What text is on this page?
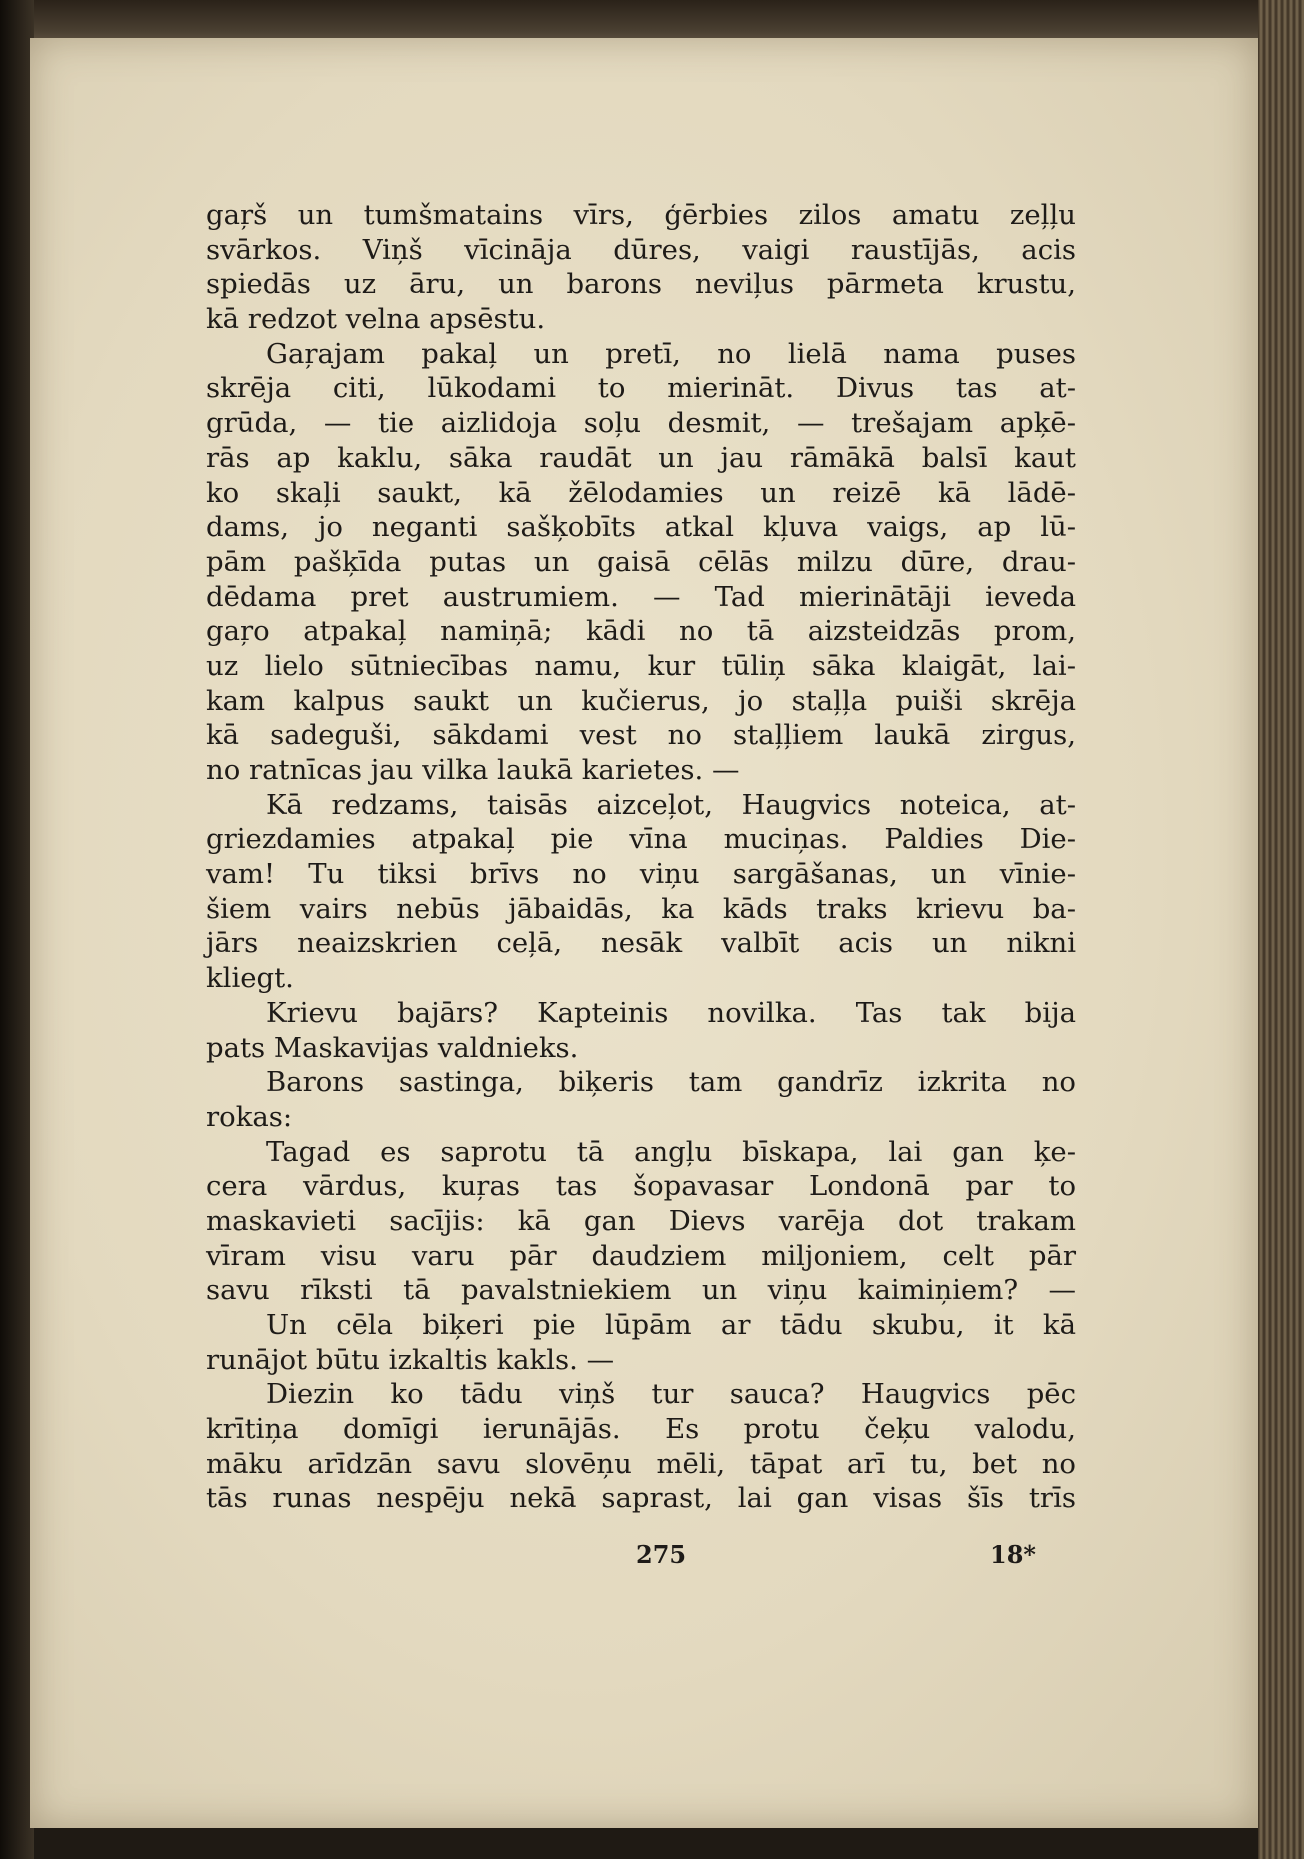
gaŗš un tumšmatains vīrs, ģērbies zilos amatu zeļļu
svārkos. Viņš vīcināja dūres, vaigi raustījās, acis
spiedās uz āru, un barons neviļus pārmeta krustu,
kā redzot velna apsēstu.
Gaŗajam pakaļ un pretī, no lielā nama puses
skrēja citi, lūkodami to mierināt. Divus tas at-
grūda, — tie aizlidoja soļu desmit, — trešajam apķē-
rās ap kaklu, sāka raudāt un jau rāmākā balsī kaut
ko skaļi saukt, kā žēlodamies un reizē kā lādē-
dams, jo neganti sašķobīts atkal kļuva vaigs, ap lū-
pām pašķīda putas un gaisā cēlās milzu dūre, drau-
dēdama pret austrumiem. — Tad mierinātāji ieveda
gaŗo atpakaļ namiņā; kādi no tā aizsteidzās prom,
uz lielo sūtniecības namu, kur tūliņ sāka klaigāt, lai-
kam kalpus saukt un kučierus, jo staļļa puiši skrēja
kā sadeguši, sākdami vest no staļļiem laukā zirgus,
no ratnīcas jau vilka laukā karietes. —
Kā redzams, taisās aizceļot, Haugvics noteica, at-
griezdamies atpakaļ pie vīna muciņas. Paldies Die-
vam! Tu tiksi brīvs no viņu sargāšanas, un vīnie-
šiem vairs nebūs jābaidās, ka kāds traks krievu ba-
jārs neaizskrien ceļā, nesāk valbīt acis un nikni
kliegt.
Krievu bajārs? Kapteinis novilka. Tas tak bija
pats Maskavijas valdnieks.
Barons sastinga, biķeris tam gandrīz izkrita no
rokas:
Tagad es saprotu tā angļu bīskapa, lai gan ķe-
cera vārdus, kuŗas tas šopavasar Londonā par to
maskavieti sacījis: kā gan Dievs varēja dot trakam
vīram visu varu pār daudziem miljoniem, celt pār
savu rīksti tā pavalstniekiem un viņu kaimiņiem? —
Un cēla biķeri pie lūpām ar tādu skubu, it kā
runājot būtu izkaltis kakls. —
Diezin ko tādu viņš tur sauca? Haugvics pēc
krītiņa domīgi ierunājās. Es protu čeķu valodu,
māku arīdzān savu slovēņu mēli, tāpat arī tu, bet no
tās runas nespēju nekā saprast, lai gan visas šīs trīs
275	18*
